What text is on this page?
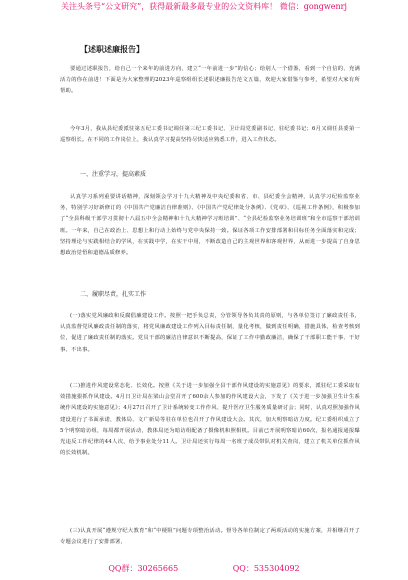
关注头条号“公文研究”，获得最新最多最专业的公文资料库！ 微信：gongwenrj
【述职述廉报告】

要通过述职报告，给自己一个来年的前进方向，建立“一年前进一步”的信心；给别人一个借鉴，看到一个自信的、充满活力的你在前进！下面是为大家整理的2023年巡察组组长述职述廉报告范文五篇，欢迎大家借鉴与参考，希望对大家有所帮助。

今年3月，我从县纪委派驻第五纪工委书记调任第三纪工委书记、卫计局党委副书记、驻纪委书记；6月又调任县委第一巡察组长。在不同的工作岗位上，我认真学习提高坚持尽快适应熟悉工作，进入工作状态。

一、注重学习，提高素质

认真学习系列重要讲话精神，深刻领会学习十九大精神及中央纪委和省、市、县纪委全会精神，认真学习纪检监察业务，特别学习好新修订的《中国共产党廉洁自律准则》、《中国共产党纪律处分条例》、《党章》、《巡视工作条例》，积极参加了“全县科级干部学习贯彻十八届五中全会精神和十九大精神学习班培训”、“全县纪检监察业务培训班”和全市巡察干部培训班。一年来，自己在政治上、思想上和行动上始终与党中央保持一致。保证各项工作安排部署和目标任务全面落实和完成；坚持理论与实践相结合的学风，在实践中学，在实干中用，不断改造自己的主观世界和客观世界，从而进一步提高了自身思想政治觉悟和道德品质修养。

二、履职尽责，扎实工作

(一)落实党风廉政和反腐倡廉建设工作。按照一把手负总责，分管领导各负其责的原则，与各单位签订了廉政责任书，认真监督党风廉政责任制的落实，将党风廉政建设工作列入目标责任制，量化考核，做到责任明确，措施具体，检查考核到位，促进了廉政责任制的落实。党员干部的廉洁自律意识不断提高，保证了工作中勤政廉洁，确保了干部职工能干事、干好事、不出事。

(二)推进作风建设常态化、长效化。按照《关于进一步加强全县干部作风建设的实施意见》的要求，派驻纪工委采取有效措施狠抓作风建设。4月日卫计局在梁山会堂召开了600余人参加的作风建设大会，下发了《关于进一步加强卫生计生系统作风建设的实施意见》；4月27日召开了卫计系统转变工作作风、提升医疗卫生服务质量研讨会；同时，认真对照加强作风建设进行了书面承诺，教体局、文广新局等驻在单位也召开了作风建设大会。其次，加大明察暗访力度。纪工委组织成立了5个明察暗访组，每周都开展活动，教体局还为暗访组配备了摄像机和照相机。目前已开展明察暗访60次，报名通报通报曝光违反工作纪律的44人次，给予事业处分11人。卫计局还实行每周一名班子成员带队对机关查岗，建立了机关单位抓作风的长效机制。

(三)认真开展“遵规守纪大教育”和“中梗阻”问题专项整治活动。督导各单位制定了两项活动的实施方案，并相继召开了专题会议进行了安排部署，

QQ群：30265665	QQ：535304092
